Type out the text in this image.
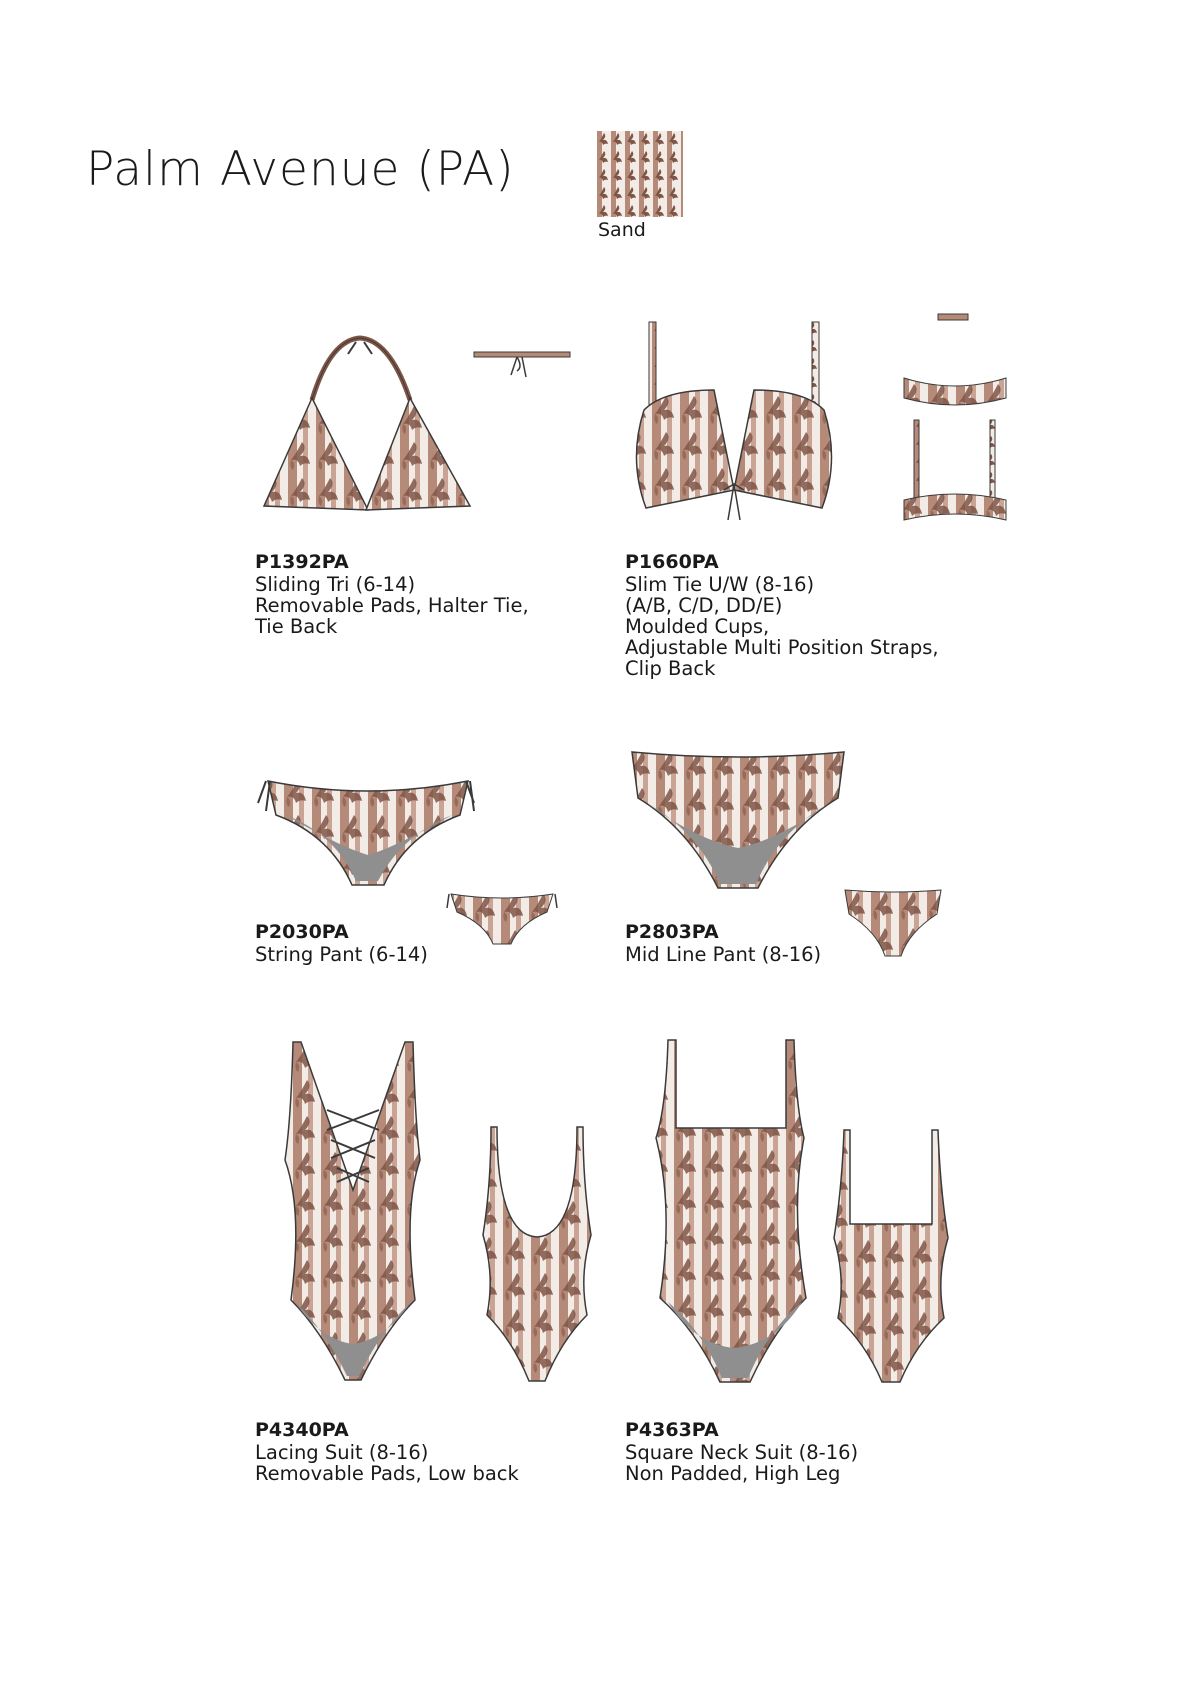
Palm Avenue (PA)
Sand
P1392PA
Sliding Tri (6-14)
Removable Pads, Halter Tie,
Tie Back
P1660PA
Slim Tie U/W (8-16)
(A/B, C/D, DD/E)
Moulded Cups,
Adjustable Multi Position Straps,
Clip Back
P2030PA
String Pant (6-14)
P2803PA
Mid Line Pant (8-16)
P4340PA
Lacing Suit (8-16)
Removable Pads, Low back
P4363PA
Square Neck Suit (8-16)
Non Padded, High Leg
